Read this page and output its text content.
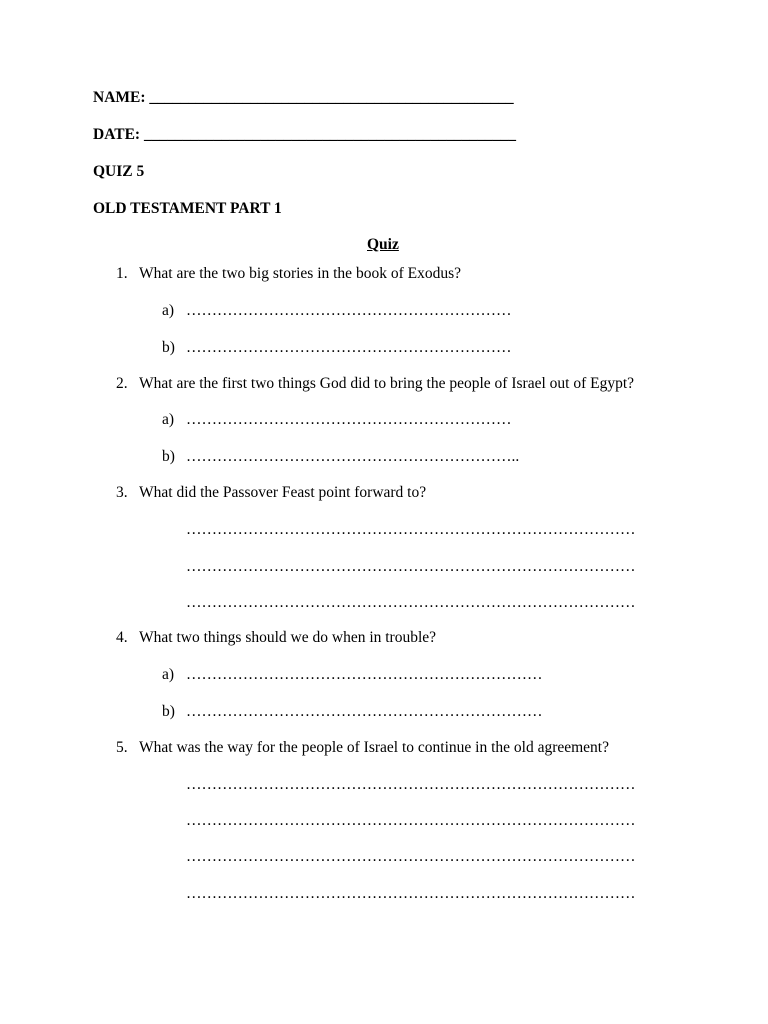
NAME: _______________________________________________
DATE: ________________________________________________
QUIZ 5
OLD TESTAMENT PART 1
Quiz
1. What are the two big stories in the book of Exodus?
a) ………………………………………………………
b) ………………………………………………………
2. What are the first two things God did to bring the people of Israel out of Egypt?
a) ………………………………………………………
b) ………………………………………………………..
3. What did the Passover Feast point forward to?
……………………………………………………………………………
……………………………………………………………………………
……………………………………………………………………………
4. What two things should we do when in trouble?
a) ……………………………………………………………
b) ……………………………………………………………
5. What was the way for the people of Israel to continue in the old agreement?
……………………………………………………………………………
……………………………………………………………………………
……………………………………………………………………………
……………………………………………………………………………
